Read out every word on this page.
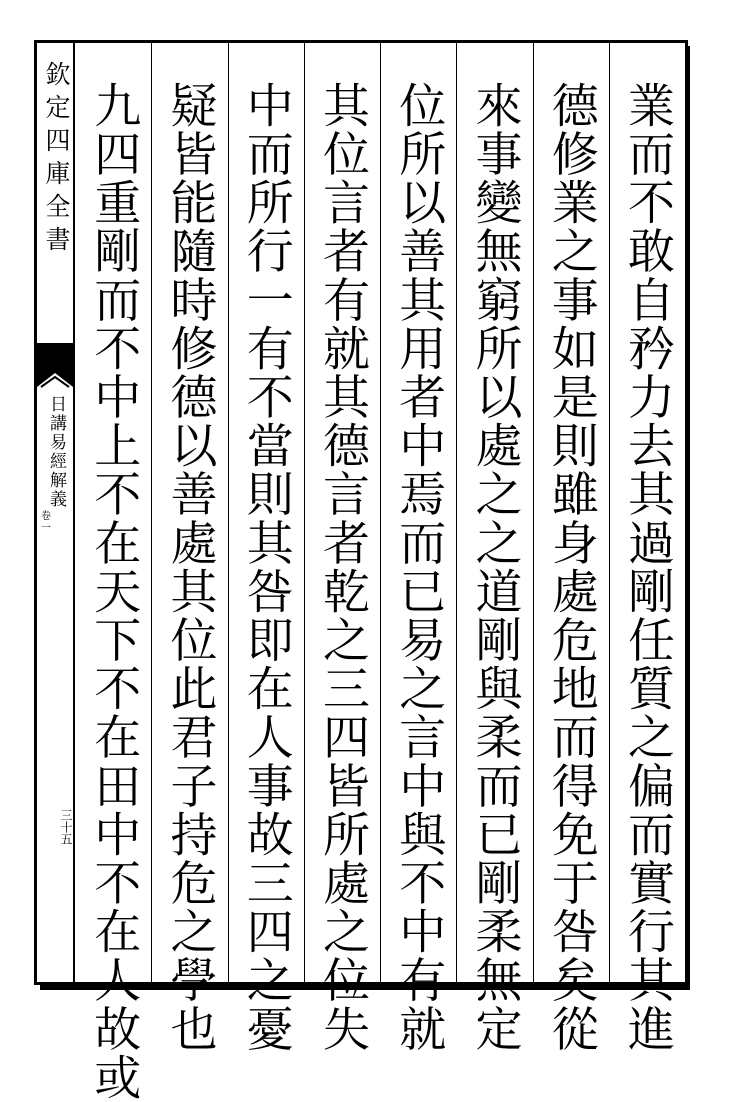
欽定四庫全書
日講易經解義
卷一
三十五	業而不敢自矜力去其過剛任質之偏而實行其進
德修業之事如是則雖身處危地而得免于咎矣從
來事變無窮所以處之之道剛與柔而已剛柔無定
位所以善其用者中焉而已易之言中與不中有就
其位言者有就其德言者乾之三四皆所處之位失
中而所行一有不當則其咎即在人事故三四之憂
疑皆能隨時修德以善處其位此君子持危之學也
九四重剛而不中上不在天下不在田中不在人故或
